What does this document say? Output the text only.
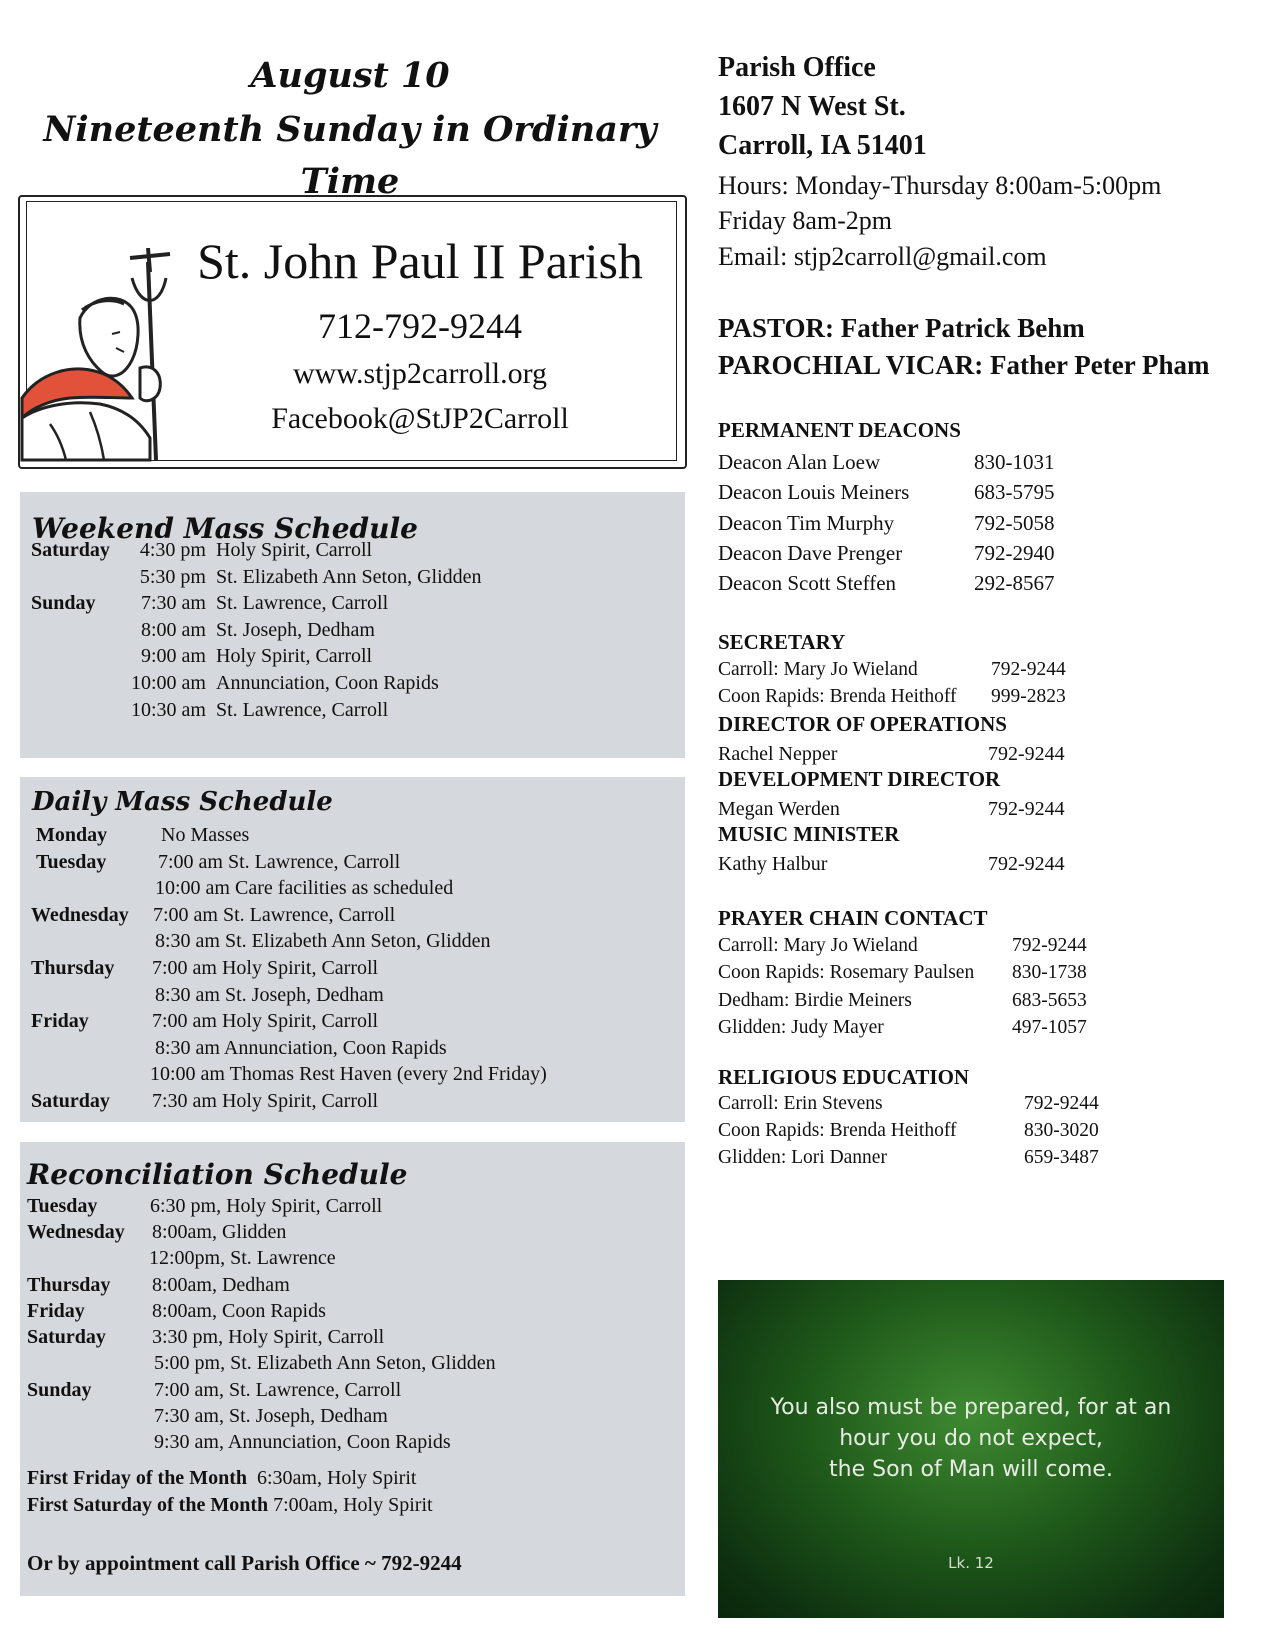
August 10
Nineteenth Sunday in Ordinary Time
St. John Paul II Parish
712-792-9244
www.stjp2carroll.org
Facebook@StJP2Carroll
Weekend Mass Schedule
Saturday 4:30 pm Holy Spirit, Carroll
5:30 pm St. Elizabeth Ann Seton, Glidden
Sunday 7:30 am St. Lawrence, Carroll
8:00 am St. Joseph, Dedham
9:00 am Holy Spirit, Carroll
10:00 am Annunciation, Coon Rapids
10:30 am St. Lawrence, Carroll
Daily Mass Schedule
Monday	No Masses
Tuesday	7:00 am St. Lawrence, Carroll
10:00 am Care facilities as scheduled
Wednesday 7:00 am St. Lawrence, Carroll
8:30 am St. Elizabeth Ann Seton, Glidden
Thursday 7:00 am Holy Spirit, Carroll
8:30 am St. Joseph, Dedham
Friday	7:00 am Holy Spirit, Carroll
8:30 am Annunciation, Coon Rapids
10:00 am Thomas Rest Haven (every 2nd Friday)
Saturday 7:30 am Holy Spirit, Carroll
Reconciliation Schedule
Tuesday	6:30 pm, Holy Spirit, Carroll
Wednesday 8:00am, Glidden
12:00pm, St. Lawrence
Thursday 8:00am, Dedham
Friday	8:00am, Coon Rapids
Saturday 3:30 pm, Holy Spirit, Carroll
5:00 pm, St. Elizabeth Ann Seton, Glidden
Sunday	7:00 am, St. Lawrence, Carroll
7:30 am, St. Joseph, Dedham
9:30 am, Annunciation, Coon Rapids
First Friday of the Month 6:30am, Holy Spirit
First Saturday of the Month 7:00am, Holy Spirit
Or by appointment call Parish Office ~ 792-9244
Parish Office
1607 N West St.
Carroll, IA 51401
Hours: Monday-Thursday 8:00am-5:00pm
Friday 8am-2pm
Email: stjp2carroll@gmail.com
PASTOR: Father Patrick Behm
PAROCHIAL VICAR: Father Peter Pham
PERMANENT DEACONS
Deacon Alan Loew	830-1031
Deacon Louis Meiners	683-5795
Deacon Tim Murphy	792-5058
Deacon Dave Prenger	792-2940
Deacon Scott Steffen	292-8567
SECRETARY
Carroll: Mary Jo Wieland	792-9244
Coon Rapids: Brenda Heithoff 999-2823
DIRECTOR OF OPERATIONS
Rachel Nepper	792-9244
DEVELOPMENT DIRECTOR
Megan Werden	792-9244
MUSIC MINISTER
Kathy Halbur	792-9244
PRAYER CHAIN CONTACT
Carroll: Mary Jo Wieland	792-9244
Coon Rapids: Rosemary Paulsen 830-1738
Dedham: Birdie Meiners	683-5653
Glidden: Judy Mayer	497-1057
RELIGIOUS EDUCATION
Carroll: Erin Stevens	792-9244
Coon Rapids: Brenda Heithoff	830-3020
Glidden: Lori Danner	659-3487
You also must be prepared, for at an
hour you do not expect,
the Son of Man will come.
Lk. 12
